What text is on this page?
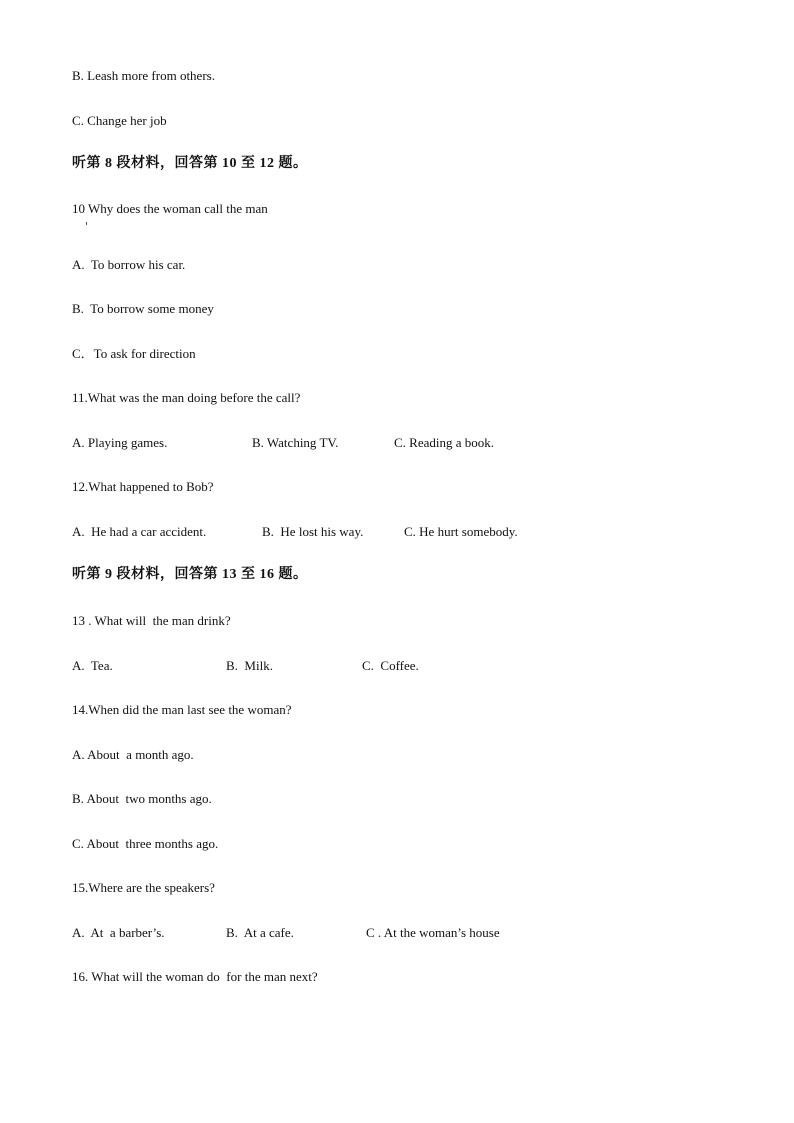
B. Leash more from others.
C. Change her job
听第 8 段材料，回答第 10 至 12 题。
10 Why does the woman call the man
A.  To borrow his car.
B.  To borrow some money
C．To ask for direction
11.What was the man doing before the call?
A. Playing games.	B. Watching TV.	C. Reading a book.
12.What happened to Bob?
A.  He had a car accident.	B.  He lost his way.	C. He hurt somebody.
听第 9 段材料，回答第 13 至 16 题。
13 . What will  the man drink?
A.  Tea.	B.  Milk.	C.  Coffee.
14.When did the man last see the woman?
A. About  a month ago.
B. About  two months ago.
C. About  three months ago.
15.Where are the speakers?
A.  At  a barber’s.	B.  At a cafe.	C . At the woman’s house
16. What will the woman do  for the man next?
